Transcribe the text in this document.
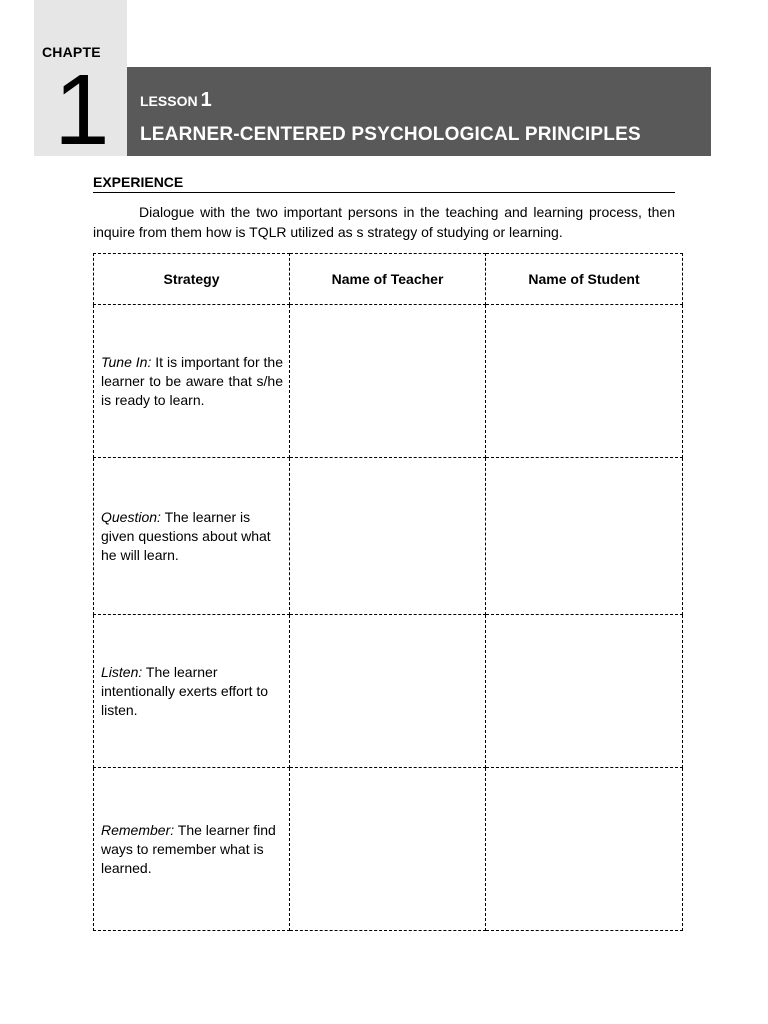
CHAPTE
1 LESSON 1
LEARNER-CENTERED PSYCHOLOGICAL PRINCIPLES
EXPERIENCE
Dialogue with the two important persons in the teaching and learning process, then inquire from them how is TQLR utilized as s strategy of studying or learning.
Strategy	Name of Teacher	Name of Student
Tune In: It is important for the learner to be aware that s/he is ready to learn.		
Question: The learner is given questions about what he will learn.		
Listen: The learner intentionally exerts effort to listen.		
Remember: The learner find ways to remember what is learned.		
